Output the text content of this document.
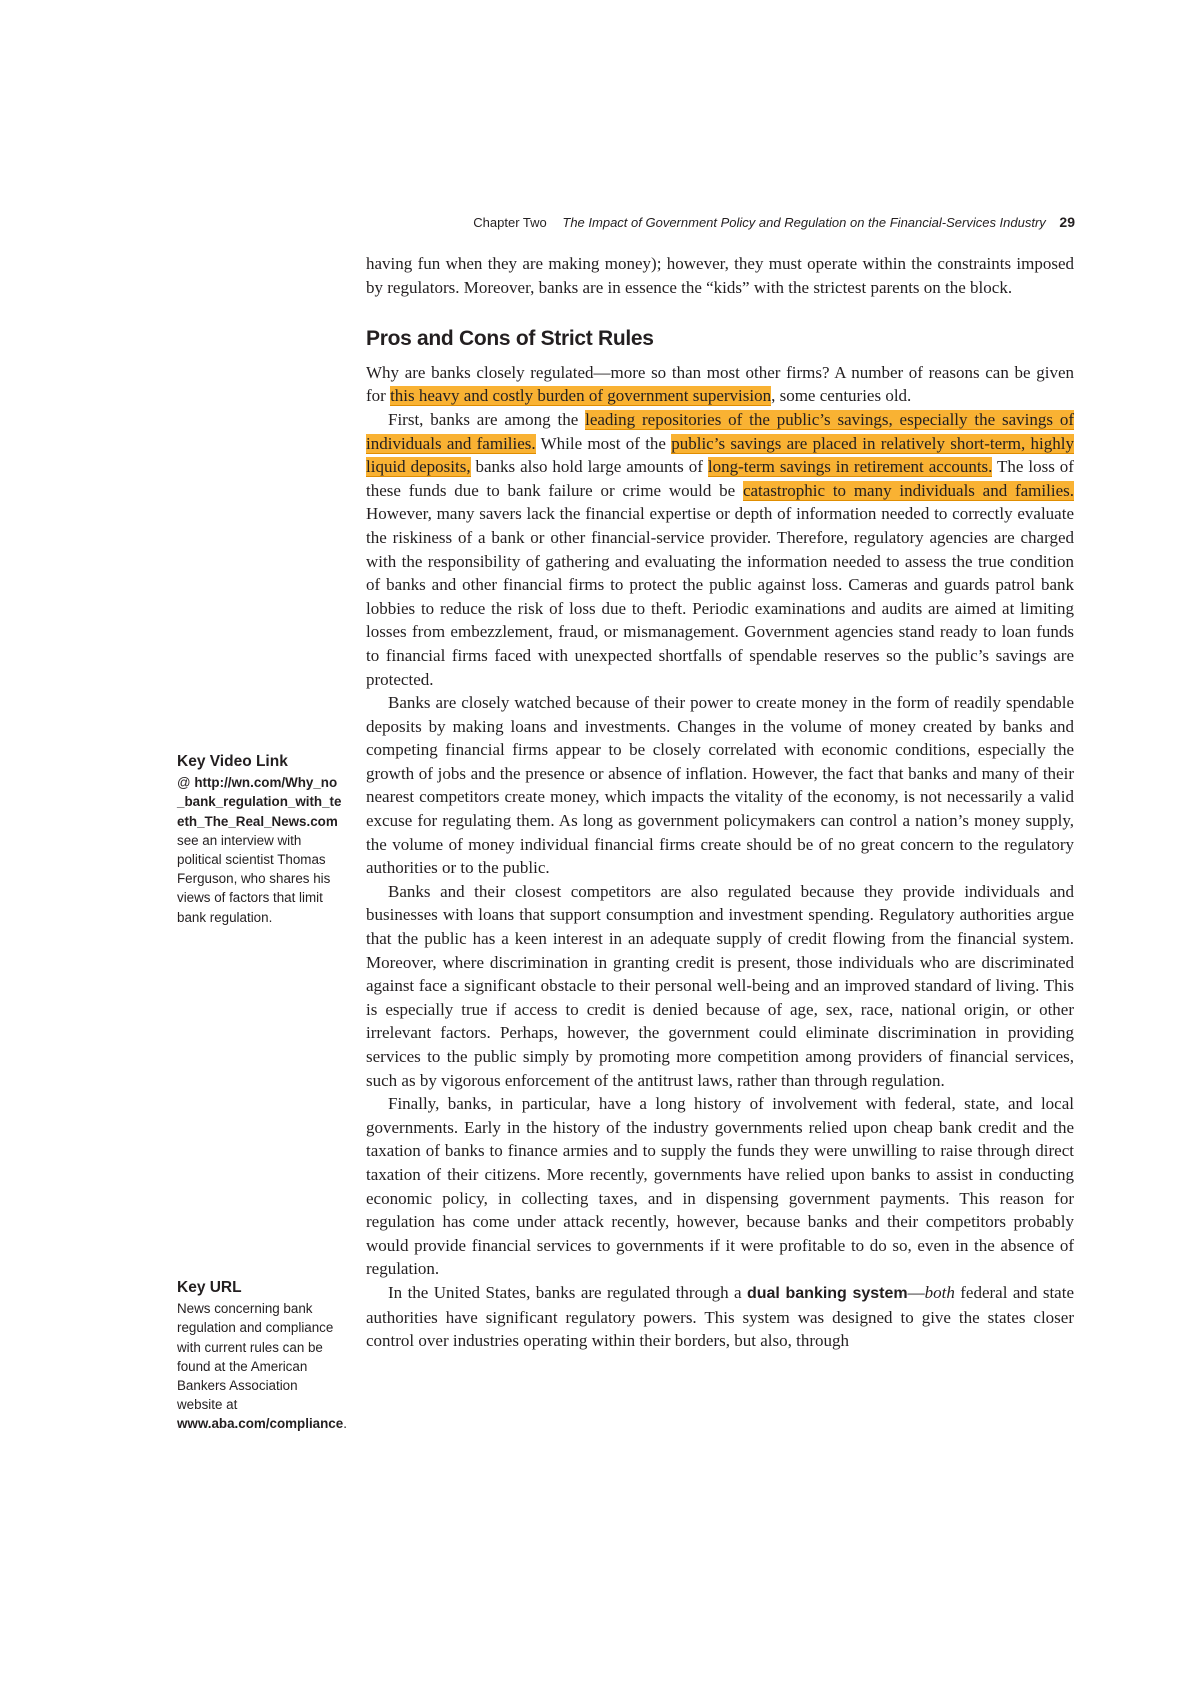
Chapter Two The Impact of Government Policy and Regulation on the Financial-Services Industry 29

having fun when they are making money); however, they must operate within the constraints imposed by regulators. Moreover, banks are in essence the “kids” with the strictest parents on the block.

Pros and Cons of Strict Rules

Why are banks closely regulated—more so than most other firms? A number of reasons can be given for this heavy and costly burden of government supervision, some centuries old.

First, banks are among the leading repositories of the public’s savings, especially the savings of individuals and families. While most of the public’s savings are placed in relatively short-term, highly liquid deposits, banks also hold large amounts of long-term savings in retirement accounts. The loss of these funds due to bank failure or crime would be catastrophic to many individuals and families. However, many savers lack the financial expertise or depth of information needed to correctly evaluate the riskiness of a bank or other financial-service provider. Therefore, regulatory agencies are charged with the responsibility of gathering and evaluating the information needed to assess the true condition of banks and other financial firms to protect the public against loss. Cameras and guards patrol bank lobbies to reduce the risk of loss due to theft. Periodic examinations and audits are aimed at limiting losses from embezzlement, fraud, or mismanagement. Government agencies stand ready to loan funds to financial firms faced with unexpected shortfalls of spendable reserves so the public’s savings are protected.

Banks are closely watched because of their power to create money in the form of readily spendable deposits by making loans and investments. Changes in the volume of money created by banks and competing financial firms appear to be closely correlated with economic conditions, especially the growth of jobs and the presence or absence of inflation. However, the fact that banks and many of their nearest competitors create money, which impacts the vitality of the economy, is not necessarily a valid excuse for regulating them. As long as government policymakers can control a nation’s money supply, the volume of money individual financial firms create should be of no great concern to the regulatory authorities or to the public.

Banks and their closest competitors are also regulated because they provide individuals and businesses with loans that support consumption and investment spending. Regulatory authorities argue that the public has a keen interest in an adequate supply of credit flowing from the financial system. Moreover, where discrimination in granting credit is present, those individuals who are discriminated against face a significant obstacle to their personal well-being and an improved standard of living. This is especially true if access to credit is denied because of age, sex, race, national origin, or other irrelevant factors. Perhaps, however, the government could eliminate discrimination in providing services to the public simply by promoting more competition among providers of financial services, such as by vigorous enforcement of the antitrust laws, rather than through regulation.

Finally, banks, in particular, have a long history of involvement with federal, state, and local governments. Early in the history of the industry governments relied upon cheap bank credit and the taxation of banks to finance armies and to supply the funds they were unwilling to raise through direct taxation of their citizens. More recently, governments have relied upon banks to assist in conducting economic policy, in collecting taxes, and in dispensing government payments. This reason for regulation has come under attack recently, however, because banks and their competitors probably would provide financial services to governments if it were profitable to do so, even in the absence of regulation.

In the United States, banks are regulated through a dual banking system—both federal and state authorities have significant regulatory powers. This system was designed to give the states closer control over industries operating within their borders, but also, through

Key Video Link
@ http://wn.com/Why_no_bank_regulation_with_teeth_The_Real_News.com see an interview with political scientist Thomas Ferguson, who shares his views of factors that limit bank regulation.
Key URL
News concerning bank regulation and compliance with current rules can be found at the American Bankers Association website at www.aba.com/compliance.
